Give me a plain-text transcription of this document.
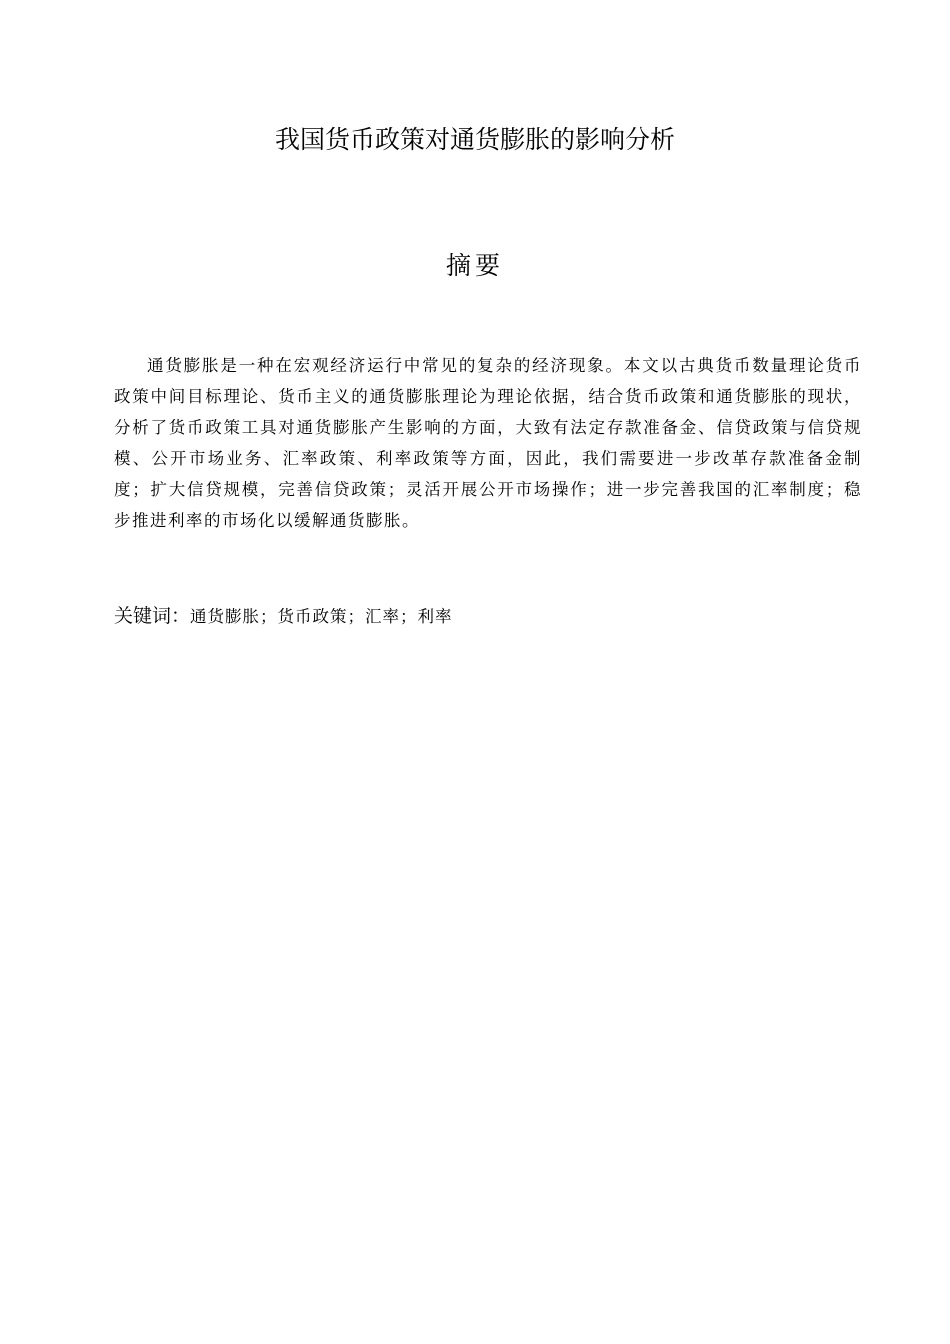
我国货币政策对通货膨胀的影响分析
摘要

通货膨胀是一种在宏观经济运行中常见的复杂的经济现象。本文以古典货币数量理论货币政策中间目标理论、货币主义的通货膨胀理论为理论依据，结合货币政策和通货膨胀的现状，分析了货币政策工具对通货膨胀产生影响的方面，大致有法定存款准备金、信贷政策与信贷规模、公开市场业务、汇率政策、利率政策等方面，因此，我们需要进一步改革存款准备金制度；扩大信贷规模，完善信贷政策；灵活开展公开市场操作；进一步完善我国的汇率制度；稳步推进利率的市场化以缓解通货膨胀。

关键词：通货膨胀；货币政策；汇率；利率
